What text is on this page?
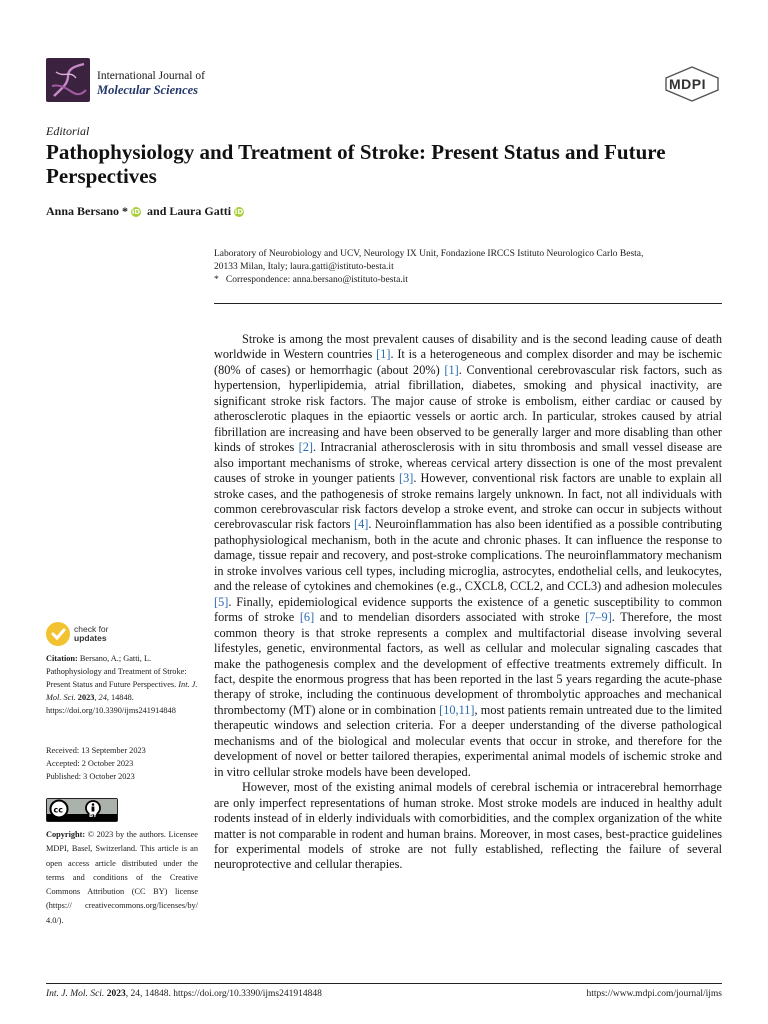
International Journal of
Molecular Sciences	MDPI
Editorial
Pathophysiology and Treatment of Stroke: Present Status and Future Perspectives
Anna Bersano * iD and Laura Gatti iD
Laboratory of Neurobiology and UCV, Neurology IX Unit, Fondazione IRCCS Istituto Neurologico Carlo Besta,
20133 Milan, Italy; laura.gatti@istituto-besta.it
*   Correspondence: anna.bersano@istituto-besta.it

Stroke is among the most prevalent causes of disability and is the second leading cause of death worldwide in Western countries [1]. It is a heterogeneous and complex disorder and may be ischemic (80% of cases) or hemorrhagic (about 20%) [1]. Conventional cerebrovascular risk factors, such as hypertension, hyperlipidemia, atrial fibrillation, diabetes, smoking and physical inactivity, are significant stroke risk factors. The major cause of stroke is embolism, either cardiac or caused by atherosclerotic plaques in the epiaortic vessels or aortic arch. In particular, strokes caused by atrial fibrillation are increasing and have been observed to be generally larger and more disabling than other kinds of strokes [2]. Intracranial atherosclerosis with in situ thrombosis and small vessel disease are also important mechanisms of stroke, whereas cervical artery dissection is one of the most prevalent causes of stroke in younger patients [3]. However, conventional risk factors are unable to explain all stroke cases, and the pathogenesis of stroke remains largely unknown. In fact, not all individuals with common cerebrovascular risk factors develop a stroke event, and stroke can occur in subjects without cerebrovascular risk factors [4]. Neuroinflammation has also been identified as a possible contributing pathophysiological mechanism, both in the acute and chronic phases. It can influence the response to damage, tissue repair and recovery, and post-stroke complications. The neuroinflammatory mechanism in stroke involves various cell types, including microglia, astrocytes, endothelial cells, and leukocytes, and the release of cytokines and chemokines (e.g., CXCL8, CCL2, and CCL3) and adhesion molecules [5]. Finally, epidemiological evidence supports the existence of a genetic susceptibility to common forms of stroke [6] and to mendelian disorders associated with stroke [7–9]. Therefore, the most common theory is that stroke represents a complex and multifactorial disease involving several lifestyles, genetic, environmental factors, as well as cellular and molecular signaling cascades that make the pathogenesis complex and the development of effective treatments extremely difficult. In fact, despite the enormous progress that has been reported in the last 5 years regarding the acute-phase therapy of stroke, including the continuous development of thrombolytic approaches and mechanical thrombectomy (MT) alone or in combination [10,11], most patients remain untreated due to the limited therapeutic windows and selection criteria. For a deeper understanding of the diverse pathological mechanisms and of the biological and molecular events that occur in stroke, and therefore for the development of novel or better tailored therapies, experimental animal models of ischemic stroke and in vitro cellular stroke models have been developed.

However, most of the existing animal models of cerebral ischemia or intracerebral hemorrhage are only imperfect representations of human stroke. Most stroke models are induced in healthy adult rodents instead of in elderly individuals with comorbidities, and the complex organization of the white matter is not comparable in rodent and human brains. Moreover, in most cases, best-practice guidelines for experimental models of stroke are not fully established, reflecting the failure of several neuroprotective and cellular therapies.

check for
updates
Citation: Bersano, A.; Gatti, L. Pathophysiology and Treatment of Stroke: Present Status and Future Perspectives. Int. J. Mol. Sci. 2023, 24, 14848. https://doi.org/10.3390/ijms241914848
Received: 13 September 2023
Accepted: 2 October 2023
Published: 3 October 2023
cc
BY
Copyright: © 2023 by the authors. Licensee MDPI, Basel, Switzerland. This article is an open access article distributed under the terms and conditions of the Creative Commons Attribution (CC BY) license (https:// creativecommons.org/licenses/by/ 4.0/).
Int. J. Mol. Sci. 2023, 24, 14848. https://doi.org/10.3390/ijms241914848	https://www.mdpi.com/journal/ijms
